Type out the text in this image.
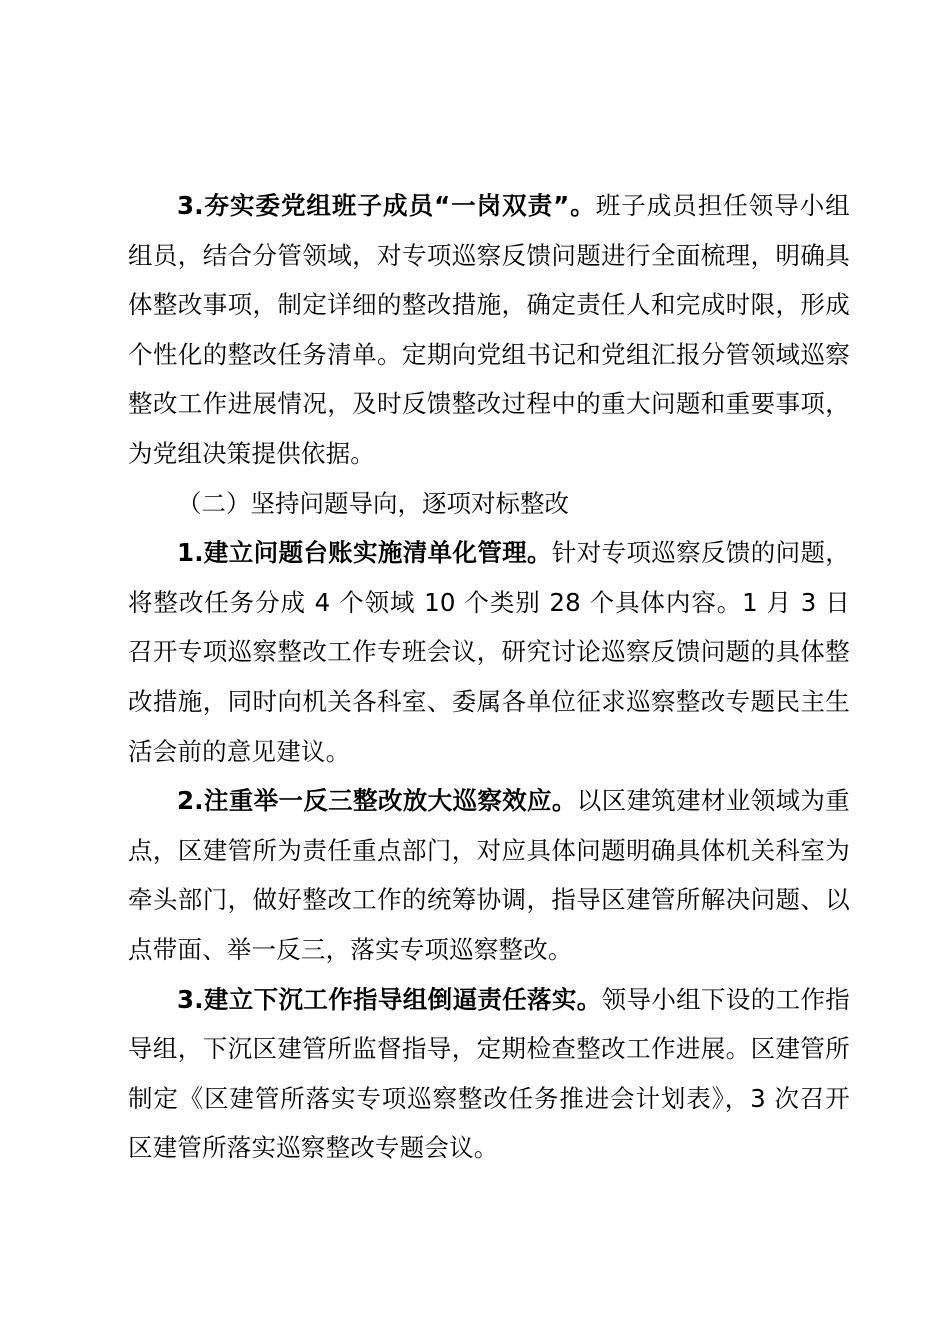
3.夯实委党组班子成员“一岗双责”。班子成员担任领导小组组员，结合分管领域，对专项巡察反馈问题进行全面梳理，明确具体整改事项，制定详细的整改措施，确定责任人和完成时限，形成个性化的整改任务清单。定期向党组书记和党组汇报分管领域巡察整改工作进展情况，及时反馈整改过程中的重大问题和重要事项，为党组决策提供依据。

（二）坚持问题导向，逐项对标整改

1.建立问题台账实施清单化管理。针对专项巡察反馈的问题，将整改任务分成 4 个领域 10 个类别 28 个具体内容。1 月 3 日召开专项巡察整改工作专班会议，研究讨论巡察反馈问题的具体整改措施，同时向机关各科室、委属各单位征求巡察整改专题民主生活会前的意见建议。

2.注重举一反三整改放大巡察效应。以区建筑建材业领域为重点，区建管所为责任重点部门，对应具体问题明确具体机关科室为牵头部门，做好整改工作的统筹协调，指导区建管所解决问题、以点带面、举一反三，落实专项巡察整改。

3.建立下沉工作指导组倒逼责任落实。领导小组下设的工作指导组，下沉区建管所监督指导，定期检查整改工作进展。区建管所制定《区建管所落实专项巡察整改任务推进会计划表》，3 次召开区建管所落实巡察整改专题会议。
